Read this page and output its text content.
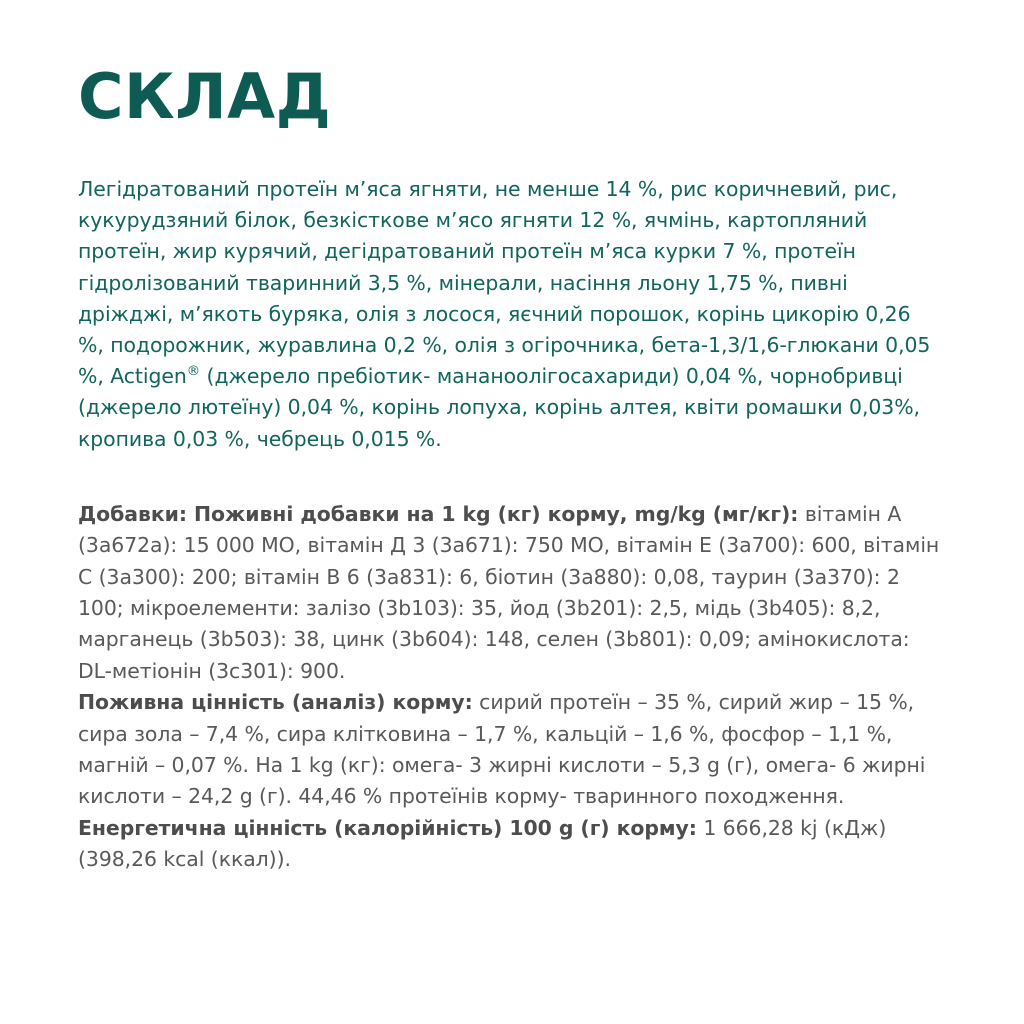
СКЛАД

Легідратований протеїн м’яса ягняти, не менше 14 %, рис коричневий, рис, кукурудзяний білок, безкісткове м’ясо ягняти 12 %, ячмінь, картопляний протеїн, жир курячий, дегідратований протеїн м’яса курки 7 %, протеїн гідролізований тваринний 3,5 %, мінерали, насіння льону 1,75 %, пивні дріжджі, м’якоть буряка, олія з лосося, яєчний порошок, корінь цикорію 0,26 %, подорожник, журавлина 0,2 %, олія з огірочника, бета-1,3/1,6-глюкани 0,05 %, Actigen® (джерело пребіотик- мананоолігосахариди) 0,04 %, чорнобривці (джерело лютеїну) 0,04 %, корінь лопуха, корінь алтея, квіти ромашки 0,03%, кропива 0,03 %, чебрець 0,015 %.

Добавки: Поживні добавки на 1 kg (кг) корму, mg/kg (мг/кг): вітамін А (3а672а): 15 000 МО, вітамін Д 3 (3а671): 750 МО, вітамін Е (3а700): 600, вітамін С (3а300): 200; вітамін В 6 (3а831): 6, біотин (3а880): 0,08, таурин (3а370): 2 100; мікроелементи: залізо (3b103): 35, йод (3b201): 2,5, мідь (3b405): 8,2, марганець (3b503): 38, цинк (3b604): 148, селен (3b801): 0,09; амінокислота: DL-метіонін (3с301): 900.

Поживна цінність (аналіз) корму: сирий протеїн – 35 %, сирий жир – 15 %, сира зола – 7,4 %, сира клітковина – 1,7 %, кальцій – 1,6 %, фосфор – 1,1 %, магній – 0,07 %. На 1 kg (кг): омега- 3 жирні кислоти – 5,3 g (г), омега- 6 жирні кислоти – 24,2 g (г). 44,46 % протеїнів корму- тваринного походження.

Енергетична цінність (калорійність) 100 g (г) корму: 1 666,28 kj (кДж) (398,26 kcal (ккал)).
